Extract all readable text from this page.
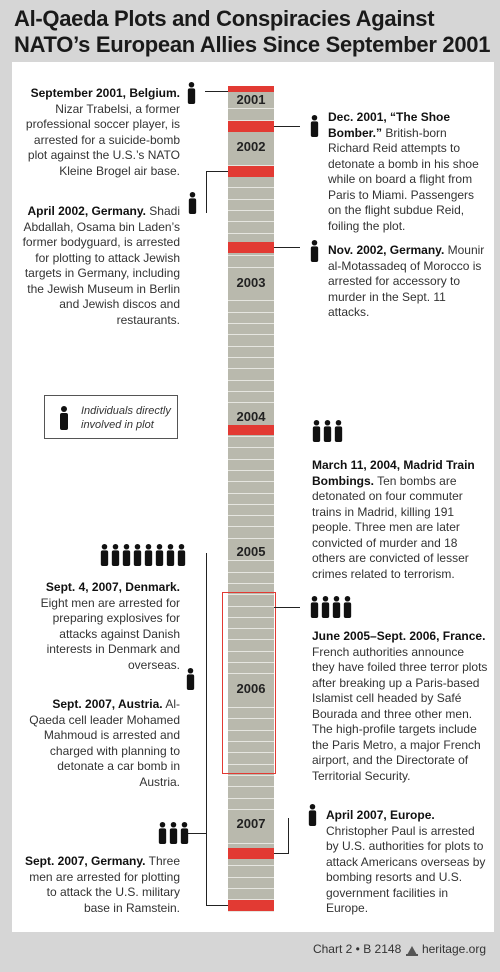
Al-Qaeda Plots and Conspiracies Against NATO’s European Allies Since September 2001
2001
2002
2003
2004
2005
2006
2007
September 2001, Belgium. Nizar Trabelsi, a former professional soccer player, is arrested for a suicide-bomb plot against the U.S.’s NATO Kleine Brogel air base.
Dec. 2001, “The Shoe Bomber.” British-born Richard Reid attempts to detonate a bomb in his shoe while on board a flight from Paris to Miami. Passengers on the flight subdue Reid, foiling the plot.
April 2002, Germany. Shadi Abdallah, Osama bin Laden’s former bodyguard, is arrested for plotting to attack Jewish targets in Germany, including the Jewish Museum in Berlin and Jewish discos and restaurants.
Nov. 2002, Germany. Mounir al-Motassadeq of Morocco is arrested for accessory to murder in the Sept. 11 attacks.
March 11, 2004, Madrid Train Bombings. Ten bombs are detonated on four commuter trains in Madrid, killing 191 people. Three men are later convicted of murder and 18 others are convicted of lesser crimes related to terrorism.
Sept. 4, 2007, Denmark. Eight men are arrested for preparing explosives for attacks against Danish interests in Denmark and overseas.
June 2005–Sept. 2006, France. French authorities announce they have foiled three terror plots after breaking up a Paris-based Islamist cell headed by Safé Bourada and three other men. The high-profile targets include the Paris Metro, a major French airport, and the Directorate of Territorial Security.
Sept. 2007, Austria. Al-Qaeda cell leader Mohamed Mahmoud is arrested and charged with planning to detonate a car bomb in Austria.
April 2007, Europe. Christopher Paul is arrested by U.S. authorities for plots to attack Americans overseas by bombing resorts and U.S. government facilities in Europe.
Sept. 2007, Germany. Three men are arrested for plotting to attack the U.S. military base in Ramstein.
Individuals directly involved in plot
Chart 2 • B 2148 heritage.org
